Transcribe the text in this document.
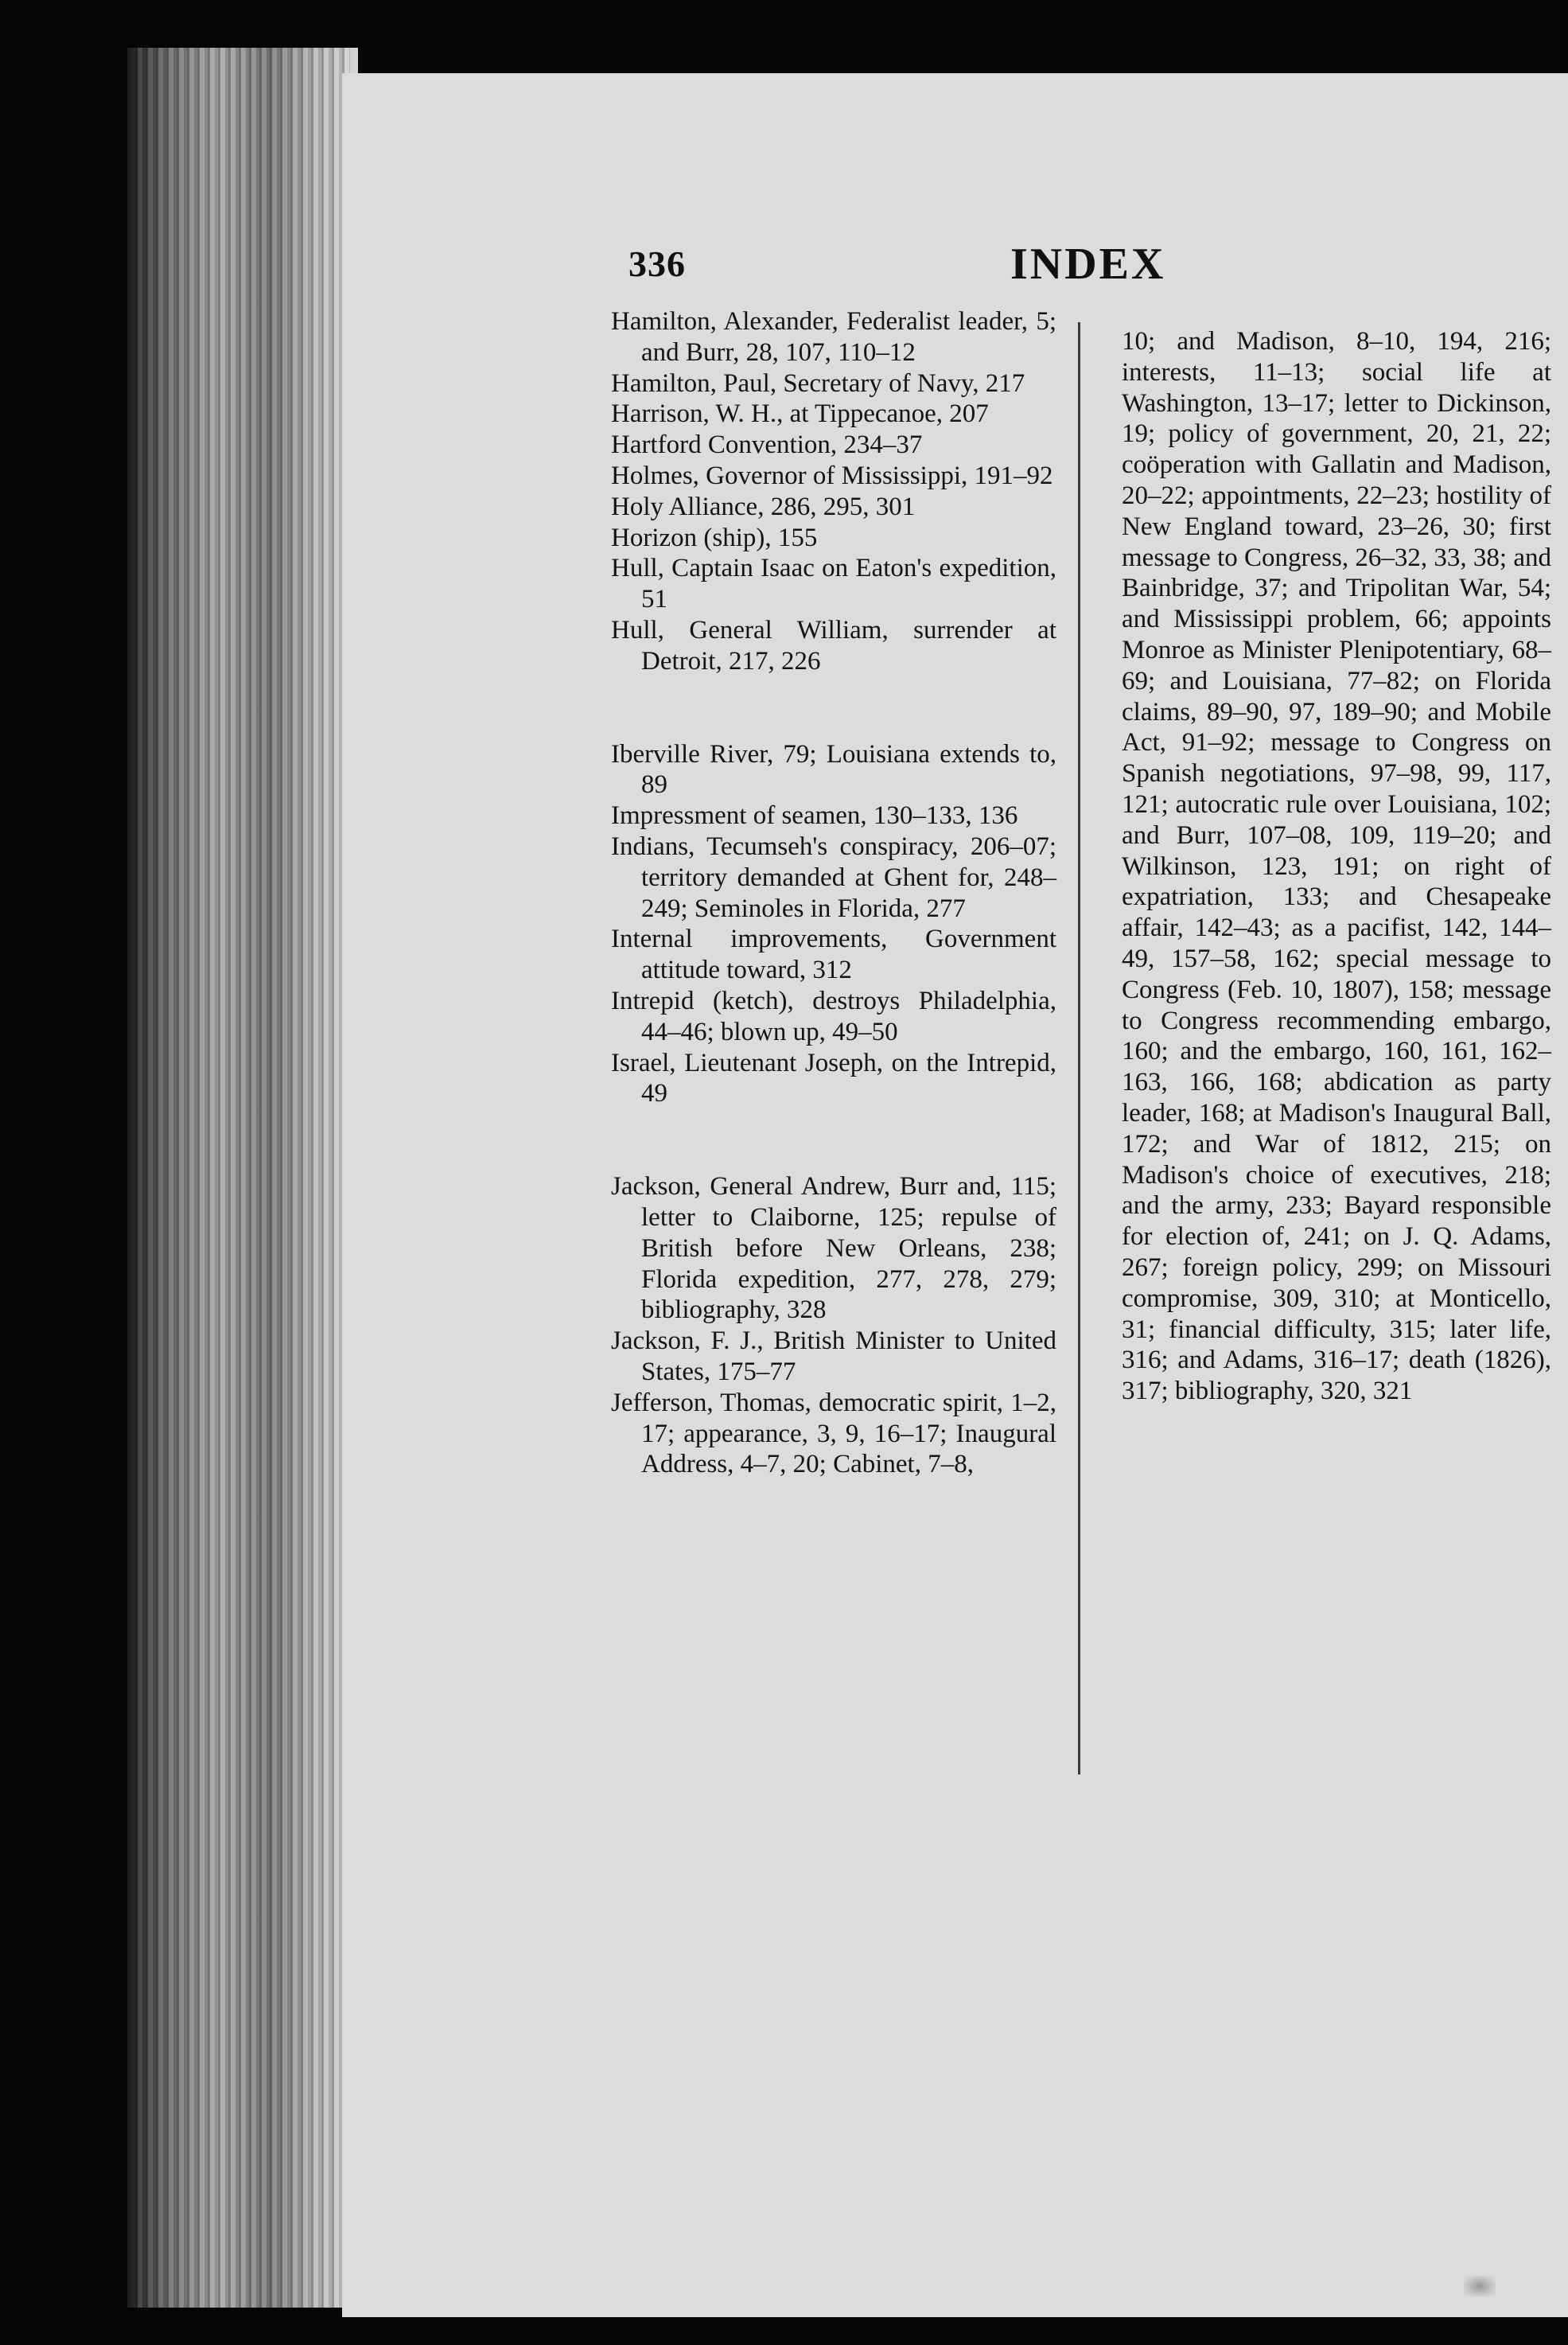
336	INDEX

Hamilton, Alexander, Federalist leader, 5; and Burr, 28, 107, 110–12

Hamilton, Paul, Secretary of Navy, 217

Harrison, W. H., at Tippecanoe, 207

Hartford Convention, 234–37

Holmes, Governor of Mississippi, 191–92

Holy Alliance, 286, 295, 301

Horizon (ship), 155

Hull, Captain Isaac on Eaton's expedition, 51

Hull, General William, surrender at Detroit, 217, 226

Iberville River, 79; Louisiana extends to, 89

Impressment of seamen, 130–133, 136

Indians, Tecumseh's conspiracy, 206–07; territory demanded at Ghent for, 248–249; Seminoles in Florida, 277

Internal improvements, Government attitude toward, 312

Intrepid (ketch), destroys Philadelphia, 44–46; blown up, 49–50

Israel, Lieutenant Joseph, on the Intrepid, 49

Jackson, General Andrew, Burr and, 115; letter to Claiborne, 125; repulse of British before New Orleans, 238; Florida expedition, 277, 278, 279; bibliography, 328

Jackson, F. J., British Minister to United States, 175–77

Jefferson, Thomas, democratic spirit, 1–2, 17; appearance, 3, 9, 16–17; Inaugural Address, 4–7, 20; Cabinet, 7–8,

10; and Madison, 8–10, 194, 216; interests, 11–13; social life at Washington, 13–17; letter to Dickinson, 19; policy of government, 20, 21, 22; coöperation with Gallatin and Madison, 20–22; appointments, 22–23; hostility of New England toward, 23–26, 30; first message to Congress, 26–32, 33, 38; and Bainbridge, 37; and Tripolitan War, 54; and Mississippi problem, 66; appoints Monroe as Minister Plenipotentiary, 68–69; and Louisiana, 77–82; on Florida claims, 89–90, 97, 189–90; and Mobile Act, 91–92; message to Congress on Spanish negotiations, 97–98, 99, 117, 121; autocratic rule over Louisiana, 102; and Burr, 107–08, 109, 119–20; and Wilkinson, 123, 191; on right of expatriation, 133; and Chesapeake affair, 142–43; as a pacifist, 142, 144–49, 157–58, 162; special message to Congress (Feb. 10, 1807), 158; message to Congress recommending embargo, 160; and the embargo, 160, 161, 162–163, 166, 168; abdication as party leader, 168; at Madison's Inaugural Ball, 172; and War of 1812, 215; on Madison's choice of executives, 218; and the army, 233; Bayard responsible for election of, 241; on J. Q. Adams, 267; foreign policy, 299; on Missouri compromise, 309, 310; at Monticello, 31; financial difficulty, 315; later life, 316; and Adams, 316–17; death (1826), 317; bibliography, 320, 321
